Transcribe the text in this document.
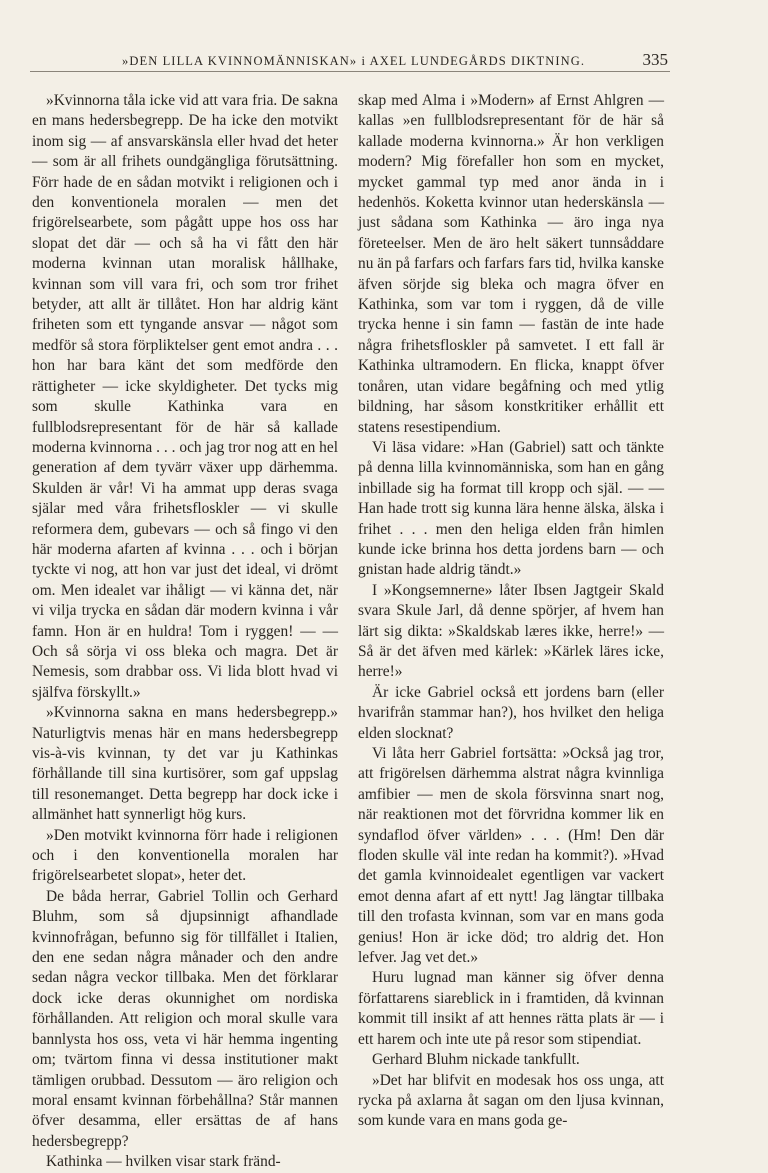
»DEN LILLA KVINNOMÄNNISKAN» i AXEL LUNDEGÅRDS DIKTNING.	335

»Kvinnorna tåla icke vid att vara fria. De sakna en mans hedersbegrepp. De ha icke den motvikt inom sig — af ansvarskänsla eller hvad det heter — som är all frihets oundgängliga förutsättning. Förr hade de en sådan motvikt i religionen och i den konventionela moralen — men det frigörelsearbete, som pågått uppe hos oss har slopat det där — och så ha vi fått den här moderna kvinnan utan moralisk hållhake, kvinnan som vill vara fri, och som tror frihet betyder, att allt är tillåtet. Hon har aldrig känt friheten som ett tyngande ansvar — något som medför så stora förpliktelser gent emot andra . . . hon har bara känt det som medförde den rättigheter — icke skyldigheter. Det tycks mig som skulle Kathinka vara en fullblodsrepresentant för de här så kallade moderna kvinnorna . . . och jag tror nog att en hel generation af dem tyvärr växer upp därhemma. Skulden är vår! Vi ha ammat upp deras svaga själar med våra frihetsfloskler — vi skulle reformera dem, gubevars — och så fingo vi den här moderna afarten af kvinna . . . och i början tyckte vi nog, att hon var just det ideal, vi drömt om. Men idealet var ihåligt — vi känna det, när vi vilja trycka en sådan där modern kvinna i vår famn. Hon är en huldra! Tom i ryggen! — — Och så sörja vi oss bleka och magra. Det är Nemesis, som drabbar oss. Vi lida blott hvad vi själfva förskyllt.»

»Kvinnorna sakna en mans hedersbegrepp.» Naturligtvis menas här en mans hedersbegrepp vis-à-vis kvinnan, ty det var ju Kathinkas förhållande till sina kurtisörer, som gaf uppslag till resonemanget. Detta begrepp har dock icke i allmänhet hatt synnerligt hög kurs.

»Den motvikt kvinnorna förr hade i religionen och i den konventionella moralen har frigörelsearbetet slopat», heter det.

De båda herrar, Gabriel Tollin och Gerhard Bluhm, som så djupsinnigt afhandlade kvinnofrågan, befunno sig för tillfället i Italien, den ene sedan några månader och den andre sedan några veckor tillbaka. Men det förklarar dock icke deras okunnighet om nordiska förhållanden. Att religion och moral skulle vara bannlysta hos oss, veta vi här hemma ingenting om; tvärtom finna vi dessa institutioner makt tämligen orubbad. Dessutom — äro religion och moral ensamt kvinnan förbehållna? Står mannen öfver desamma, eller ersättas de af hans hedersbegrepp?

Kathinka — hvilken visar stark fränd-

skap med Alma i »Modern» af Ernst Ahlgren — kallas »en fullblodsrepresentant för de här så kallade moderna kvinnorna.» Är hon verkligen modern? Mig förefaller hon som en mycket, mycket gammal typ med anor ända in i hedenhös. Koketta kvinnor utan hederskänsla — just sådana som Kathinka — äro inga nya företeelser. Men de äro helt säkert tunnsåddare nu än på farfars och farfars fars tid, hvilka kanske äfven sörjde sig bleka och magra öfver en Kathinka, som var tom i ryggen, då de ville trycka henne i sin famn — fastän de inte hade några frihetsfloskler på samvetet. I ett fall är Kathinka ultramodern. En flicka, knappt öfver tonåren, utan vidare begåfning och med ytlig bildning, har såsom konstkritiker erhållit ett statens resestipendium.

Vi läsa vidare: »Han (Gabriel) satt och tänkte på denna lilla kvinnomänniska, som han en gång inbillade sig ha format till kropp och själ. — — Han hade trott sig kunna lära henne älska, älska i frihet . . . men den heliga elden från himlen kunde icke brinna hos detta jordens barn — och gnistan hade aldrig tändt.»

I »Kongsemnerne» låter Ibsen Jagtgeir Skald svara Skule Jarl, då denne spörjer, af hvem han lärt sig dikta: »Skaldskab læres ikke, herre!» — Så är det äfven med kärlek: »Kärlek läres icke, herre!»

Är icke Gabriel också ett jordens barn (eller hvarifrån stammar han?), hos hvilket den heliga elden slocknat?

Vi låta herr Gabriel fortsätta: »Också jag tror, att frigörelsen därhemma alstrat några kvinnliga amfibier — men de skola försvinna snart nog, när reaktionen mot det förvridna kommer lik en syndaflod öfver världen» . . . (Hm! Den där floden skulle väl inte redan ha kommit?). »Hvad det gamla kvinnoidealet egentligen var vackert emot denna afart af ett nytt! Jag längtar tillbaka till den trofasta kvinnan, som var en mans goda genius! Hon är icke död; tro aldrig det. Hon lefver. Jag vet det.»

Huru lugnad man känner sig öfver denna författarens siareblick in i framtiden, då kvinnan kommit till insikt af att hennes rätta plats är — i ett harem och inte ute på resor som stipendiat.

Gerhard Bluhm nickade tankfullt.

»Det har blifvit en modesak hos oss unga, att rycka på axlarna åt sagan om den ljusa kvinnan, som kunde vara en mans goda ge-
